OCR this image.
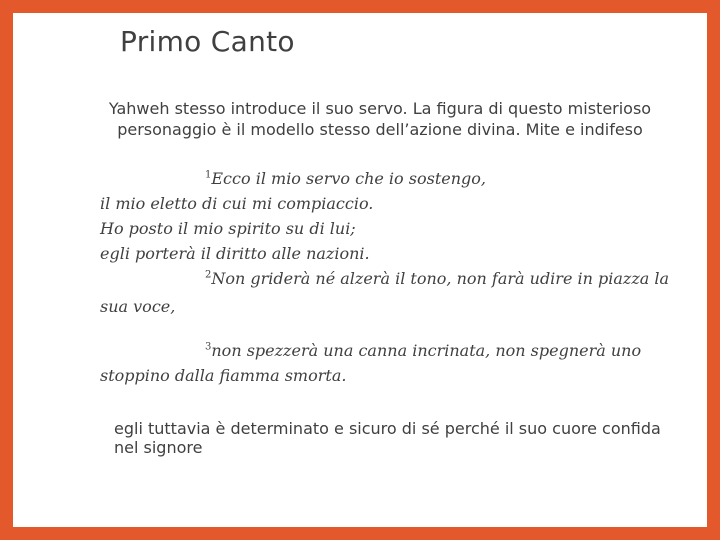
Primo Canto
Yahweh stesso introduce il suo servo. La figura di questo misterioso personaggio è il modello stesso dell’azione divina. Mite e indifeso
$^1$Ecco il mio servo che io sostengo,
il mio eletto di cui mi compiaccio.
Ho posto il mio spirito su di lui;
egli porterà il diritto alle nazioni.
$^2$Non griderà né alzerà il tono, non farà udire in piazza la
sua voce,
$^3$non spezzerà una canna incrinata, non spegnerà uno
stoppino dalla fiamma smorta.
egli tuttavia è determinato e sicuro di sé perché il suo cuore confida nel signore
